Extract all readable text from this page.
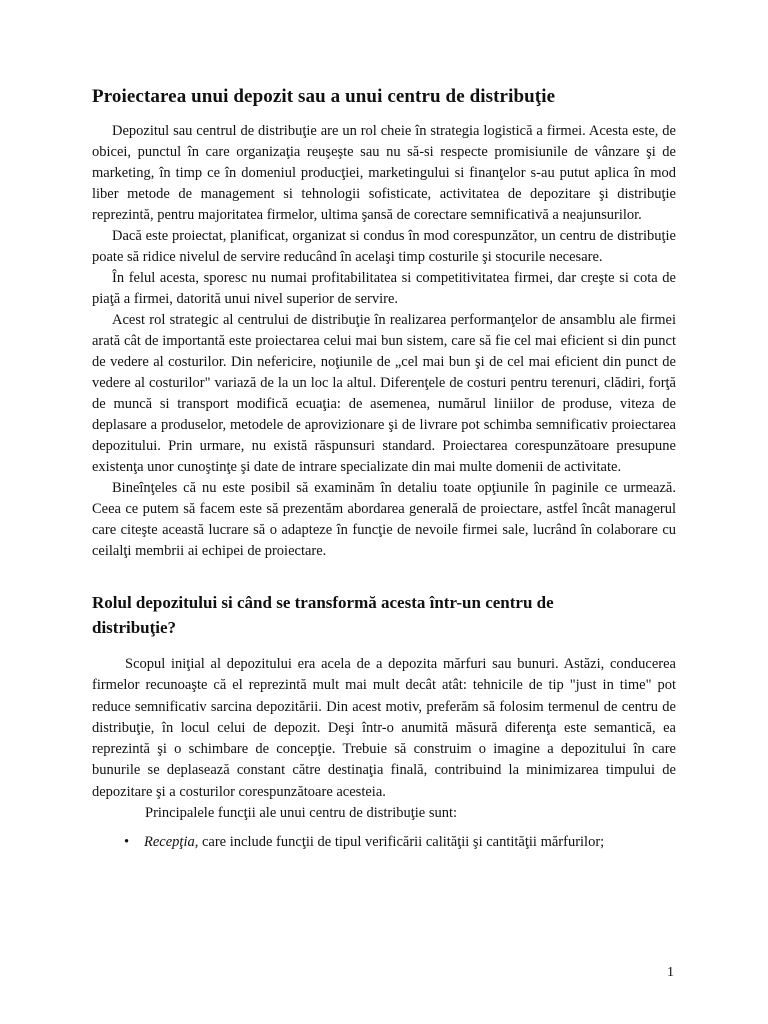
Proiectarea unui depozit sau a unui centru de distribuţie

Depozitul sau centrul de distribuţie are un rol cheie în strategia logistică a firmei. Acesta este, de obicei, punctul în care organizaţia reuşeşte sau nu să-si respecte promisiunile de vânzare şi de marketing, în timp ce în domeniul producţiei, marketingului si finanţelor s-au putut aplica în mod liber metode de management si tehnologii sofisticate, activitatea de depozitare şi distribuţie reprezintă, pentru majoritatea firmelor, ultima şansă de corectare semnificativă a neajunsurilor.

Dacă este proiectat, planificat, organizat si condus în mod corespunzător, un centru de distribuţie poate să ridice nivelul de servire reducând în acelaşi timp costurile şi stocurile necesare.

În felul acesta, sporesc nu numai profitabilitatea si competitivitatea firmei, dar creşte si cota de piaţă a firmei, datorită unui nivel superior de servire.

Acest rol strategic al centrului de distribuţie în realizarea performanţelor de ansamblu ale firmei arată cât de importantă este proiectarea celui mai bun sistem, care să fie cel mai eficient si din punct de vedere al costurilor. Din nefericire, noţiunile de „cel mai bun şi de cel mai eficient din punct de vedere al costurilor" variază de la un loc la altul. Diferenţele de costuri pentru terenuri, clădiri, forţă de muncă si transport modifică ecuaţia: de asemenea, numărul liniilor de produse, viteza de deplasare a produselor, metodele de aprovizionare şi de livrare pot schimba semnificativ proiectarea depozitului. Prin urmare, nu există răspunsuri standard. Proiectarea corespunzătoare presupune existenţa unor cunoştinţe şi date de intrare specializate din mai multe domenii de activitate.

Bineînţeles că nu este posibil să examinăm în detaliu toate opţiunile în paginile ce urmează. Ceea ce putem să facem este să prezentăm abordarea generală de proiectare, astfel încât managerul care citeşte această lucrare să o adapteze în funcţie de nevoile firmei sale, lucrând în colaborare cu ceilalţi membrii ai echipei de proiectare.

Rolul depozitului si când se transformă acesta într-un centru de distribuţie?

Scopul iniţial al depozitului era acela de a depozita mărfuri sau bunuri. Astăzi, conducerea firmelor recunoaşte că el reprezintă mult mai mult decât atât: tehnicile de tip "just in time" pot reduce semnificativ sarcina depozitării. Din acest motiv, preferăm să folosim termenul de centru de distribuţie, în locul celui de depozit. Deşi într-o anumită măsură diferenţa este semantică, ea reprezintă şi o schimbare de concepţie. Trebuie să construim o imagine a depozitului în care bunurile se deplasează constant către destinaţia finală, contribuind la minimizarea timpului de depozitare şi a costurilor corespunzătoare acesteia.

Principalele funcţii ale unui centru de distribuţie sunt:

• Recepţia, care include funcţii de tipul verificării calităţii şi cantităţii mărfurilor;
1
